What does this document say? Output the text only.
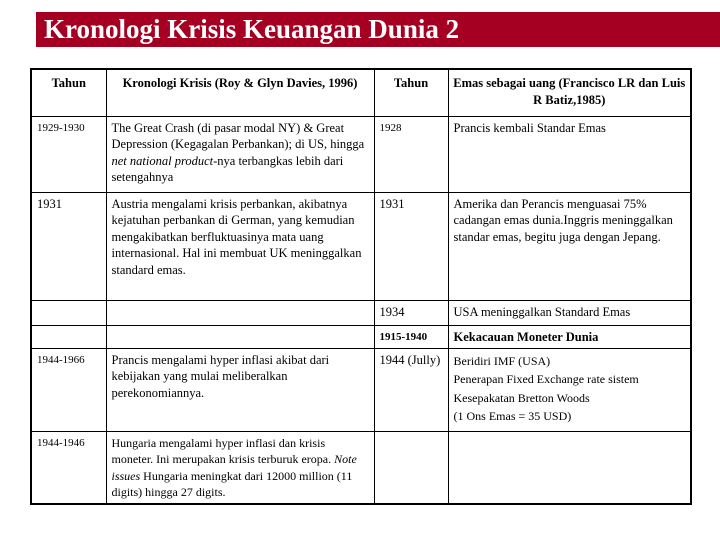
Kronologi Krisis Keuangan Dunia 2
Tahun	Kronologi Krisis (Roy & Glyn Davies, 1996)	Tahun	Emas sebagai uang (Francisco LR dan Luis R Batiz,1985)
1929-1930	The Great Crash (di pasar modal NY) & Great Depression (Kegagalan Perbankan); di US, hingga net national product-nya terbangkas lebih dari setengahnya	1928	Prancis kembali Standar Emas
1931	Austria mengalami krisis perbankan, akibatnya kejatuhan perbankan di German, yang kemudian mengakibatkan berfluktuasinya mata uang internasional. Hal ini membuat UK meninggalkan standard emas.	1931	Amerika dan Perancis menguasai 75% cadangan emas dunia.Inggris meninggalkan standar emas, begitu juga dengan Jepang.
		1934	USA meninggalkan Standard Emas
		1915-1940	Kekacauan Moneter Dunia
1944-1966	Prancis mengalami hyper inflasi akibat dari kebijakan yang mulai meliberalkan perekonomiannya.	1944 (Jully)	Beridiri IMF (USA)
Penerapan Fixed Exchange rate sistem
Kesepakatan Bretton Woods
(1 Ons Emas = 35 USD)

1944-1946	Hungaria mengalami hyper inflasi dan krisis moneter. Ini merupakan krisis terburuk eropa. Note issues Hungaria meningkat dari 12000 million (11 digits) hingga 27 digits.		
